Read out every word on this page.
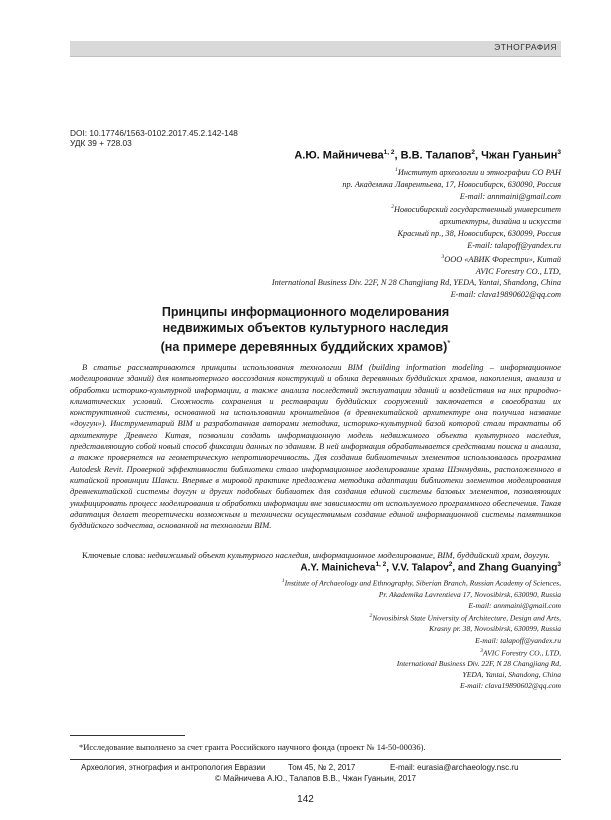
ЭТНОГРАФИЯ
DOI: 10.17746/1563-0102.2017.45.2.142-148
УДК 39 + 728.03
А.Ю. Майничева$^{1, 2}$, В.В. Талапов$^2$, Чжан Гуаньин$^3$
$^1$Институт археологии и этнографии СО РАН
пр. Академика Лаврентьева, 17, Новосибирск, 630090, Россия
E-mail: annmaini@gmail.com
$^2$Новосибирский государственный университет
архитектуры, дизайна и искусств
Красный пр., 38, Новосибирск, 630099, Россия
E-mail: talapoff@yandex.ru
$^3$ООО «АВИК Форестри», Китай
AVIC Forestry CO., LTD,
International Business Div. 22F, N 28 Changjiang Rd, YEDA, Yantai, Shandong, China
E-mail: clava19890602@qq.com
Принципы информационного моделирования
недвижимых объектов культурного наследия
(на примере деревянных буддийских храмов)*

В статье рассматриваются принципы использования технологии BIM (building information modeling – информационное моделирование зданий) для компьютерного воссоздания конструкций и облика деревянных буддийских храмов, накопления, анализа и обработки историко-культурной информации, а также анализа последствий эксплуатации зданий и воздействия на них природно-климатических условий. Сложность сохранения и реставрации буддийских сооружений заключается в своеобразии их конструктивной системы, основанной на использовании кронштейнов (в древнекитайской архитектуре она получила название «доугун»). Инструментарий BIM и разработанная авторами методика, историко-культурной базой которой стали трактаты об архитектуре Древнего Китая, позволили создать информационную модель недвижимого объекта культурного наследия, представляющую собой новый способ фиксации данных по зданиям. В ней информация обрабатывается средствами поиска и анализа, а также проверяется на геометрическую непротиворечивость. Для создания библиотечных элементов использовалась программа Autodesk Revit. Проверкой эффективности библиотеки стало информационное моделирование храма Шэнмудянь, расположенного в китайской провинции Шанси. Впервые в мировой практике предложена методика адаптации библиотеки элементов моделирования древнекитайской системы доугун и других подобных библиотек для создания единой системы базовых элементов, позволяющих унифицировать процесс моделирования и обработки информации вне зависимости от используемого программного обеспечения. Такая адаптация делает теоретически возможным и технически осуществимым создание единой информационной системы памятников буддийского зодчества, основанной на технологии BIM.

Ключевые слова: недвижимый объект культурного наследия, информационное моделирование, BIM, буддийский храм, доугун.

A.Y. Mainicheva$^{1, 2}$, V.V. Talapov$^2$, and Zhang Guanying$^3$
$^1$Institute of Archaeology and Ethnography, Siberian Branch, Russian Academy of Sciences,
Pr. Akademika Lavrentieva 17, Novosibirsk, 630090, Russia
E-mail: annmaini@gmail.com
$^2$Novosibirsk State University of Architecture, Design and Arts,
Krasny pr. 38, Novosibirsk, 630099, Russia
E-mail: talapoff@yandex.ru
$^3$AVIC Forestry CO., LTD,
International Business Div. 22F, N 28 Changjiang Rd,
YEDA, Yantai, Shandong, China
E-mail: clava19890602@qq.com
*Исследование выполнено за счет гранта Российского научного фонда (проект № 14-50-00036).
Археология, этнография и антропология Евразии	Том 45, № 2, 2017	E-mail: eurasia@archaeology.nsc.ru
© Майничева А.Ю., Талапов В.В., Чжан Гуаньин, 2017
142
